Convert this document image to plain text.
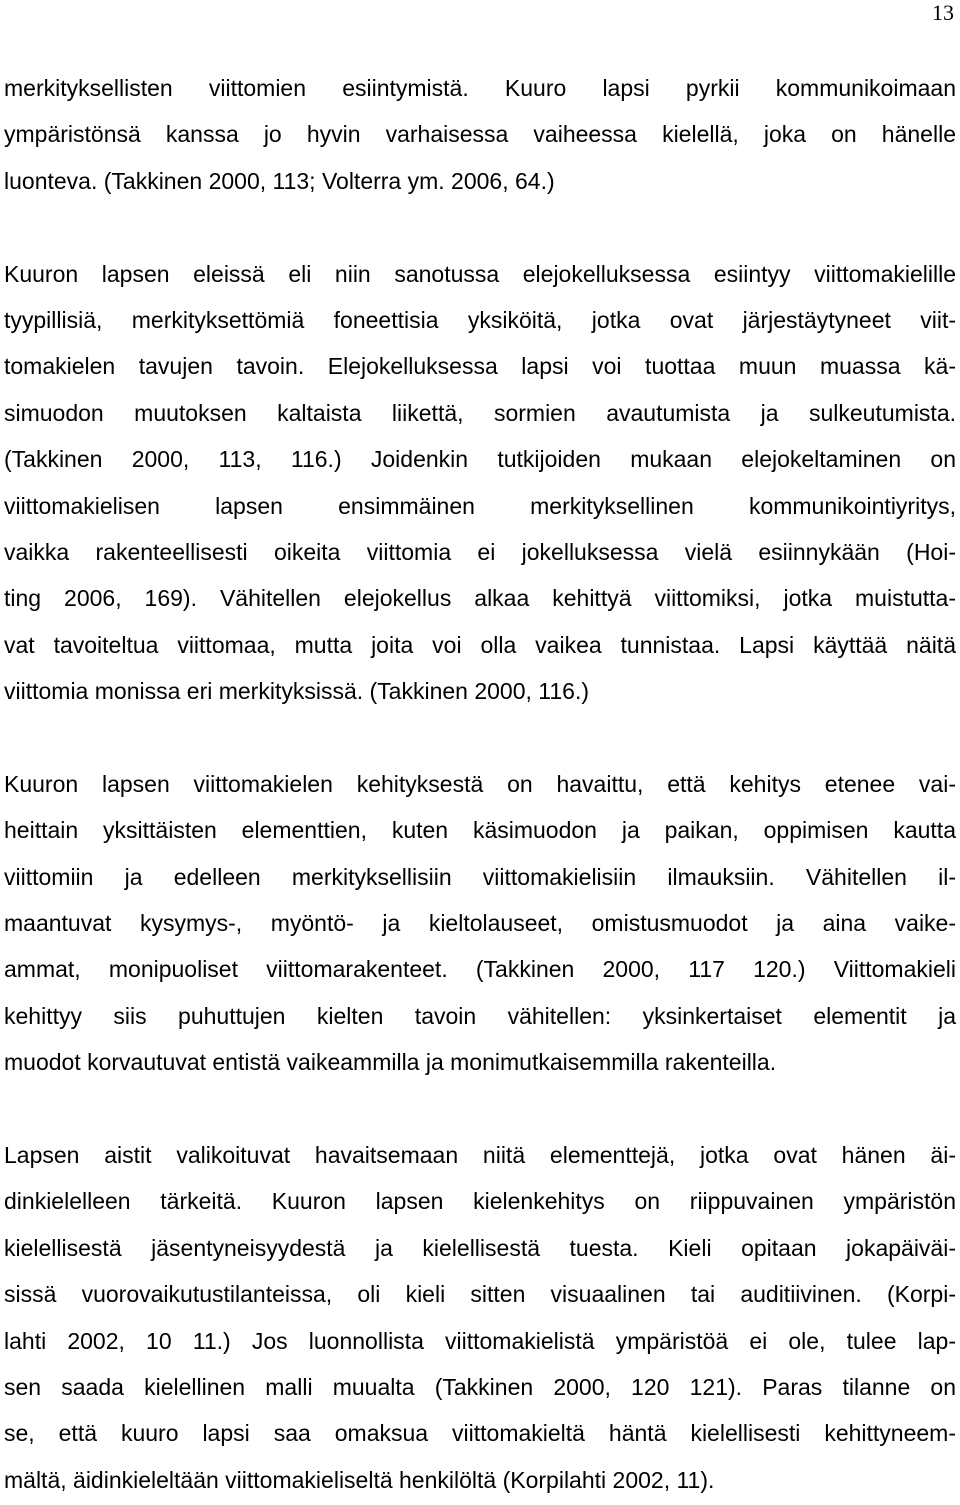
13
merkityksellisten viittomien esiintymistä. Kuuro lapsi pyrkii kommunikoimaan
ympäristönsä kanssa jo hyvin varhaisessa vaiheessa kielellä, joka on hänelle
luonteva. (Takkinen 2000, 113; Volterra ym. 2006, 64.)
Kuuron lapsen eleissä eli niin sanotussa elejokelluksessa esiintyy viittomakielille
tyypillisiä, merkityksettömiä foneettisia yksiköitä, jotka ovat järjestäytyneet viit-
tomakielen tavujen tavoin. Elejokelluksessa lapsi voi tuottaa muun muassa kä-
simuodon muutoksen kaltaista liikettä, sormien avautumista ja sulkeutumista.
(Takkinen 2000, 113, 116.) Joidenkin tutkijoiden mukaan elejokeltaminen on
viittomakielisen lapsen ensimmäinen merkityksellinen kommunikointiyritys,
vaikka rakenteellisesti oikeita viittomia ei jokelluksessa vielä esiinnykään (Hoi-
ting 2006, 169). Vähitellen elejokellus alkaa kehittyä viittomiksi, jotka muistutta-
vat tavoiteltua viittomaa, mutta joita voi olla vaikea tunnistaa. Lapsi käyttää näitä
viittomia monissa eri merkityksissä. (Takkinen 2000, 116.)
Kuuron lapsen viittomakielen kehityksestä on havaittu, että kehitys etenee vai-
heittain yksittäisten elementtien, kuten käsimuodon ja paikan, oppimisen kautta
viittomiin ja edelleen merkityksellisiin viittomakielisiin ilmauksiin. Vähitellen il-
maantuvat kysymys-, myöntö- ja kieltolauseet, omistusmuodot ja aina vaike-
ammat, monipuoliset viittomarakenteet. (Takkinen 2000, 117 120.) Viittomakieli
kehittyy siis puhuttujen kielten tavoin vähitellen: yksinkertaiset elementit ja
muodot korvautuvat entistä vaikeammilla ja monimutkaisemmilla rakenteilla.
Lapsen aistit valikoituvat havaitsemaan niitä elementtejä, jotka ovat hänen äi-
dinkielelleen tärkeitä. Kuuron lapsen kielenkehitys on riippuvainen ympäristön
kielellisestä jäsentyneisyydestä ja kielellisestä tuesta. Kieli opitaan jokapäiväi-
sissä vuorovaikutustilanteissa, oli kieli sitten visuaalinen tai auditiivinen. (Korpi-
lahti 2002, 10 11.) Jos luonnollista viittomakielistä ympäristöä ei ole, tulee lap-
sen saada kielellinen malli muualta (Takkinen 2000, 120 121). Paras tilanne on
se, että kuuro lapsi saa omaksua viittomakieltä häntä kielellisesti kehittyneem-
mältä, äidinkieleltään viittomakieliseltä henkilöltä (Korpilahti 2002, 11).
